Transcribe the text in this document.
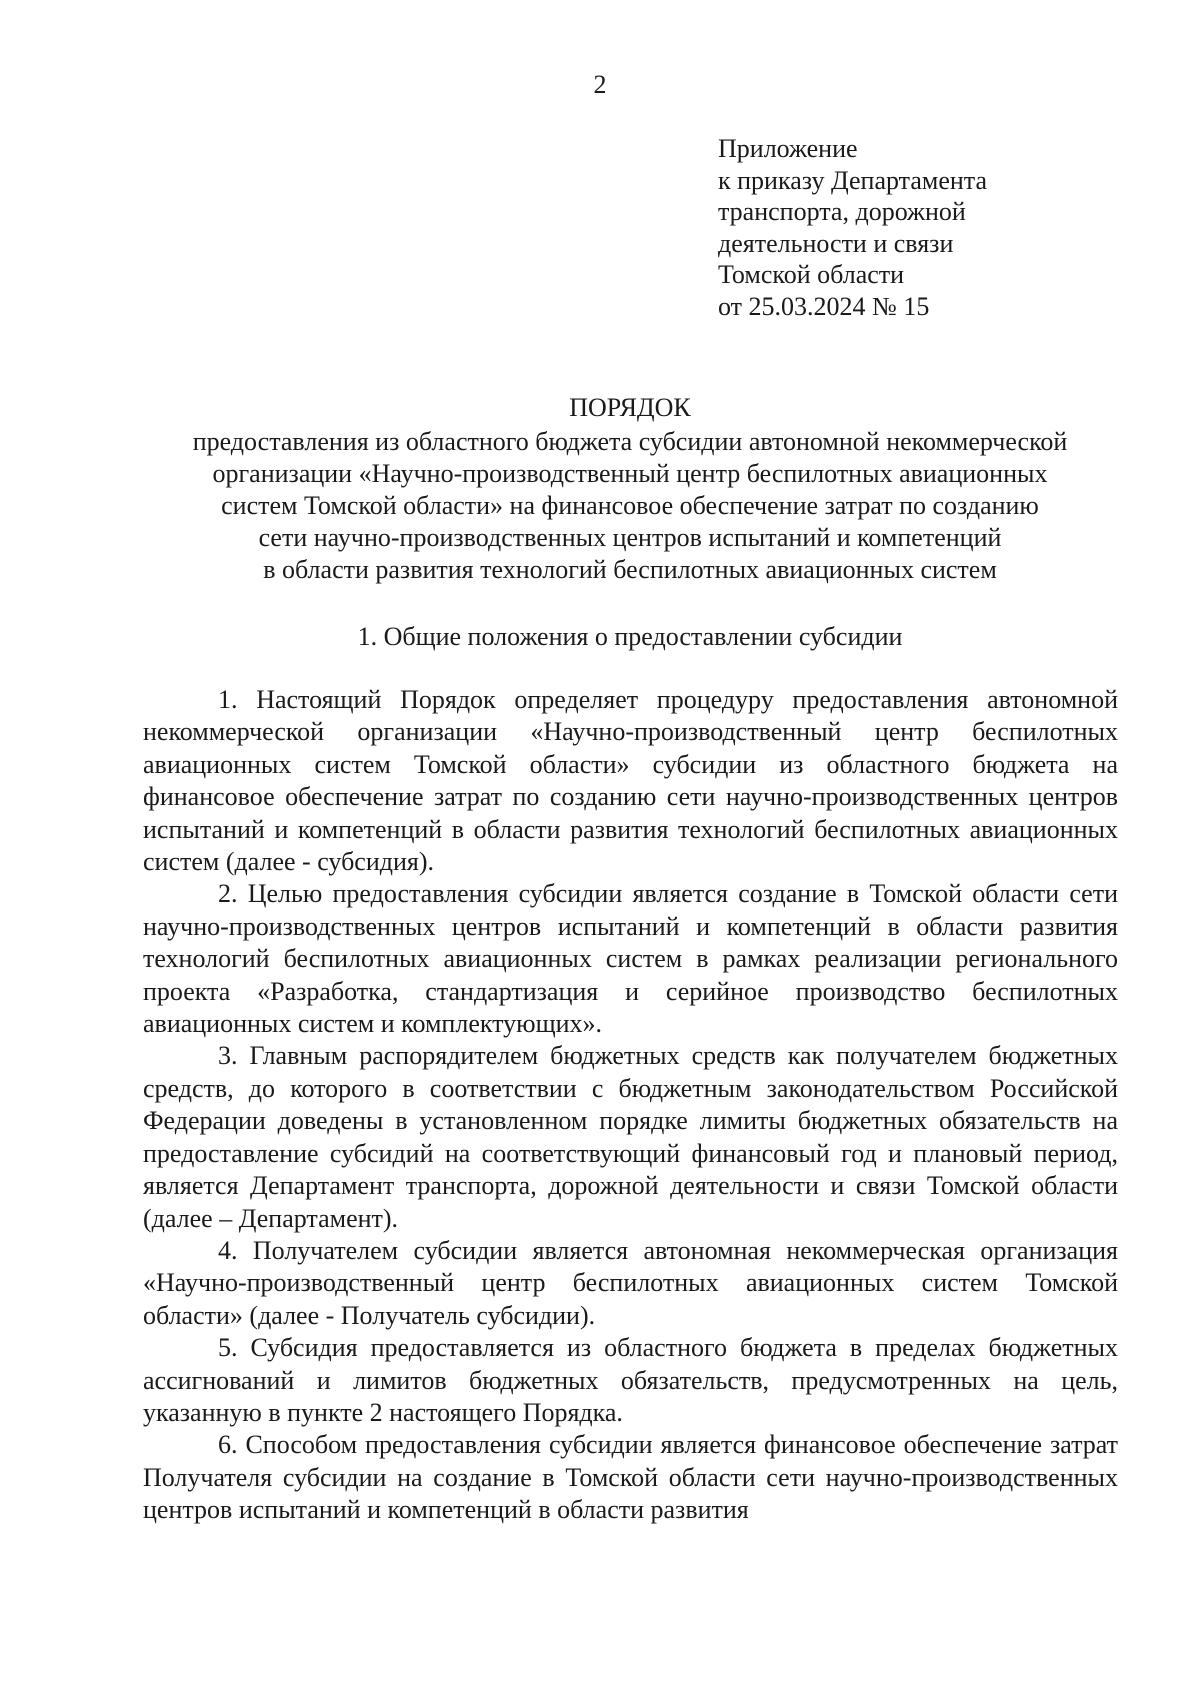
2
Приложение
к приказу Департамента
транспорта, дорожной
деятельности и связи
Томской области
от 25.03.2024 № 15
ПОРЯДОК
предоставления из областного бюджета субсидии автономной некоммерческой
организации «Научно-производственный центр беспилотных авиационных
систем Томской области» на финансовое обеспечение затрат по созданию
сети научно-производственных центров испытаний и компетенций
в области развития технологий беспилотных авиационных систем
1. Общие положения о предоставлении субсидии

1. Настоящий Порядок определяет процедуру предоставления автономной некоммерческой организации «Научно-производственный центр беспилотных авиационных систем Томской области» субсидии из областного бюджета на финансовое обеспечение затрат по созданию сети научно-производственных центров испытаний и компетенций в области развития технологий беспилотных авиационных систем (далее - субсидия).

2. Целью предоставления субсидии является создание в Томской области сети научно-производственных центров испытаний и компетенций в области развития технологий беспилотных авиационных систем в рамках реализации регионального проекта «Разработка, стандартизация и серийное производство беспилотных авиационных систем и комплектующих».

3. Главным распорядителем бюджетных средств как получателем бюджетных средств, до которого в соответствии с бюджетным законодательством Российской Федерации доведены в установленном порядке лимиты бюджетных обязательств на предоставление субсидий на соответствующий финансовый год и плановый период, является Департамент транспорта, дорожной деятельности и связи Томской области (далее – Департамент).

4. Получателем субсидии является автономная некоммерческая организация «Научно-производственный центр беспилотных авиационных систем Томской области» (далее - Получатель субсидии).

5. Субсидия предоставляется из областного бюджета в пределах бюджетных ассигнований и лимитов бюджетных обязательств, предусмотренных на цель, указанную в пункте 2 настоящего Порядка.

6. Способом предоставления субсидии является финансовое обеспечение затрат Получателя субсидии на создание в Томской области сети научно-производственных центров испытаний и компетенций в области развития
